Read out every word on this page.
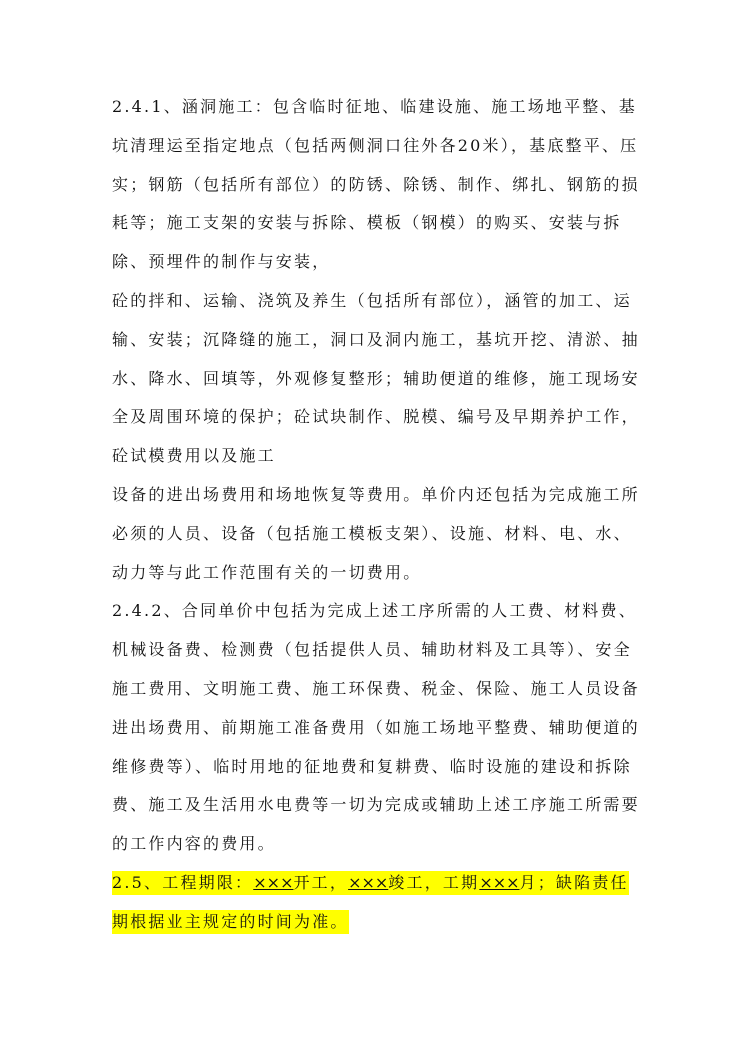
2.4.1、涵洞施工：包含临时征地、临建设施、施工场地平整、基坑清理运至指定地点（包括两侧洞口往外各20米），基底整平、压实；钢筋（包括所有部位）的防锈、除锈、制作、绑扎、钢筋的损耗等；施工支架的安装与拆除、模板（钢模）的购买、安装与拆除、预埋件的制作与安装，

砼的拌和、运输、浇筑及养生（包括所有部位），涵管的加工、运输、安装；沉降缝的施工，洞口及洞内施工，基坑开挖、清淤、抽水、降水、回填等，外观修复整形；辅助便道的维修，施工现场安全及周围环境的保护；砼试块制作、脱模、编号及早期养护工作，砼试模费用以及施工

设备的进出场费用和场地恢复等费用。单价内还包括为完成施工所必须的人员、设备（包括施工模板支架）、设施、材料、电、水、动力等与此工作范围有关的一切费用。

2.4.2、合同单价中包括为完成上述工序所需的人工费、材料费、机械设备费、检测费（包括提供人员、辅助材料及工具等）、安全施工费用、文明施工费、施工环保费、税金、保险、施工人员设备进出场费用、前期施工准备费用（如施工场地平整费、辅助便道的维修费等）、临时用地的征地费和复耕费、临时设施的建设和拆除费、施工及生活用水电费等一切为完成或辅助上述工序施工所需要的工作内容的费用。

2.5、工程期限：×××开工，×××竣工，工期×××月；缺陷责任期根据业主规定的时间为准。
